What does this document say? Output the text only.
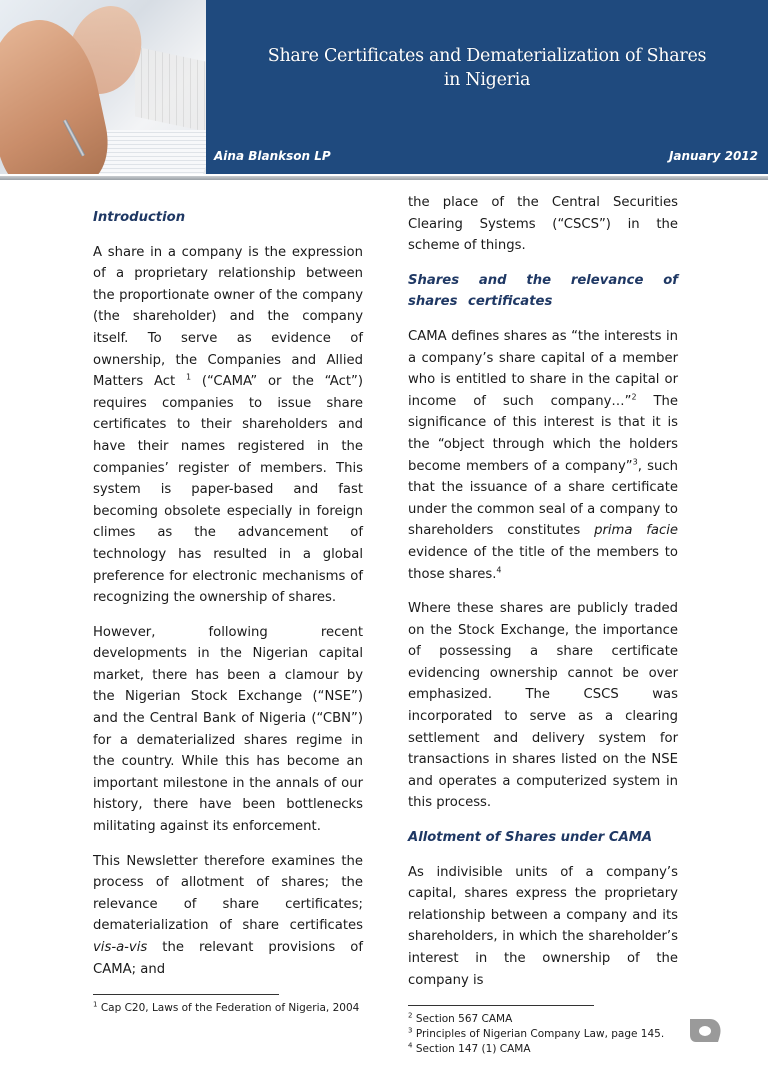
Share Certificates and Dematerialization of Shares
in Nigeria
Aina Blankson LP	January 2012
Introduction

A share in a company is the expression of a proprietary relationship between the proportionate owner of the company (the shareholder) and the company itself. To serve as evidence of ownership, the Companies and Allied Matters Act $^1$ (“CAMA” or the “Act”) requires companies to issue share certificates to their shareholders and have their names registered in the companies’ register of members. This system is paper-based and fast becoming obsolete especially in foreign climes as the advancement of technology has resulted in a global preference for electronic mechanisms of recognizing the ownership of shares.

However, following recent developments in the Nigerian capital market, there has been a clamour by the Nigerian Stock Exchange (“NSE”) and the Central Bank of Nigeria (“CBN”) for a dematerialized shares regime in the country. While this has become an important milestone in the annals of our history, there have been bottlenecks militating against its enforcement.

This Newsletter therefore examines the process of allotment of shares; the relevance of share certificates; dematerialization of share certificates vis-a-vis the relevant provisions of CAMA; and

$^1$ Cap C20, Laws of the Federation of Nigeria, 2004

the place of the Central Securities Clearing Systems (“CSCS”) in the scheme of things.

Shares and the relevance of shares certificates

CAMA defines shares as “the interests in a company’s share capital of a member who is entitled to share in the capital or income of such company…”$^2$ The significance of this interest is that it is the “object through which the holders become members of a company”$^3$, such that the issuance of a share certificate under the common seal of a company to shareholders constitutes prima facie evidence of the title of the members to those shares.$^4$

Where these shares are publicly traded on the Stock Exchange, the importance of possessing a share certificate evidencing ownership cannot be over emphasized. The CSCS was incorporated to serve as a clearing settlement and delivery system for transactions in shares listed on the NSE and operates a computerized system in this process.

Allotment of Shares under CAMA

As indivisible units of a company’s capital, shares express the proprietary relationship between a company and its shareholders, in which the shareholder’s interest in the ownership of the company is

$^2$ Section 567 CAMA
$^3$ Principles of Nigerian Company Law, page 145.
$^4$ Section 147 (1) CAMA
